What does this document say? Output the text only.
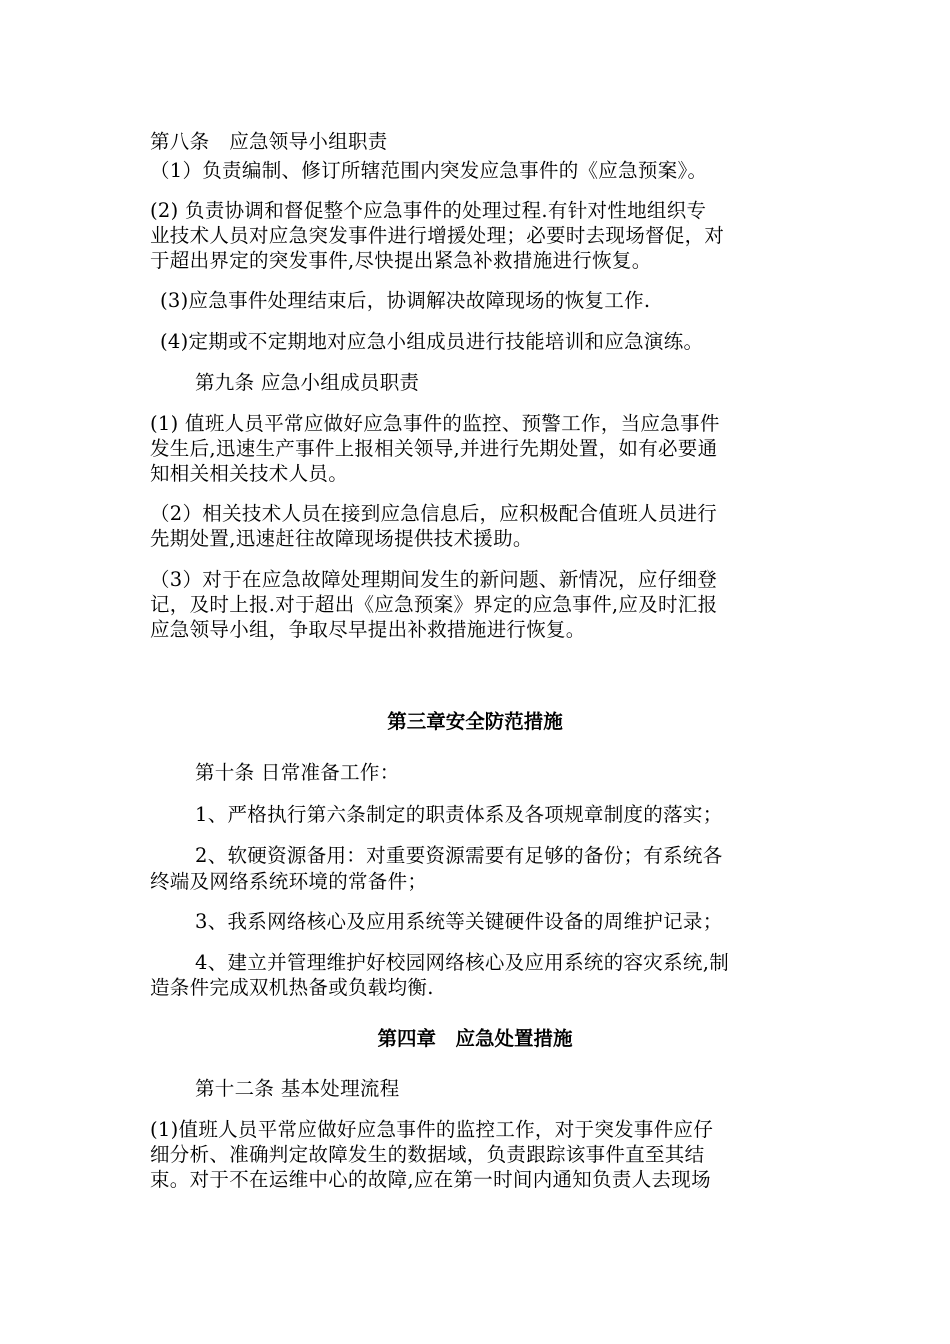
第八条　应急领导小组职责
（1）负责编制、修订所辖范围内突发应急事件的《应急预案》。
(2) 负责协调和督促整个应急事件的处理过程.有针对性地组织专
业技术人员对应急突发事件进行增援处理；必要时去现场督促，对
于超出界定的突发事件,尽快提出紧急补救措施进行恢复。
(3)应急事件处理结束后，协调解决故障现场的恢复工作.
(4)定期或不定期地对应急小组成员进行技能培训和应急演练。
第九条 应急小组成员职责
(1) 值班人员平常应做好应急事件的监控、预警工作，当应急事件
发生后,迅速生产事件上报相关领导,并进行先期处置，如有必要通
知相关相关技术人员。
（2）相关技术人员在接到应急信息后，应积极配合值班人员进行
先期处置,迅速赶往故障现场提供技术援助。
（3）对于在应急故障处理期间发生的新问题、新情况，应仔细登
记，及时上报.对于超出《应急预案》界定的应急事件,应及时汇报
应急领导小组，争取尽早提出补救措施进行恢复。
第三章安全防范措施
第十条 日常准备工作：
1、严格执行第六条制定的职责体系及各项规章制度的落实；
2、软硬资源备用：对重要资源需要有足够的备份；有系统各
终端及网络系统环境的常备件；
3、我系网络核心及应用系统等关键硬件设备的周维护记录；
4、建立并管理维护好校园网络核心及应用系统的容灾系统,制
造条件完成双机热备或负载均衡.
第四章　应急处置措施
第十二条 基本处理流程
(1)值班人员平常应做好应急事件的监控工作，对于突发事件应仔
细分析、准确判定故障发生的数据域，负责跟踪该事件直至其结
束。对于不在运维中心的故障,应在第一时间内通知负责人去现场
